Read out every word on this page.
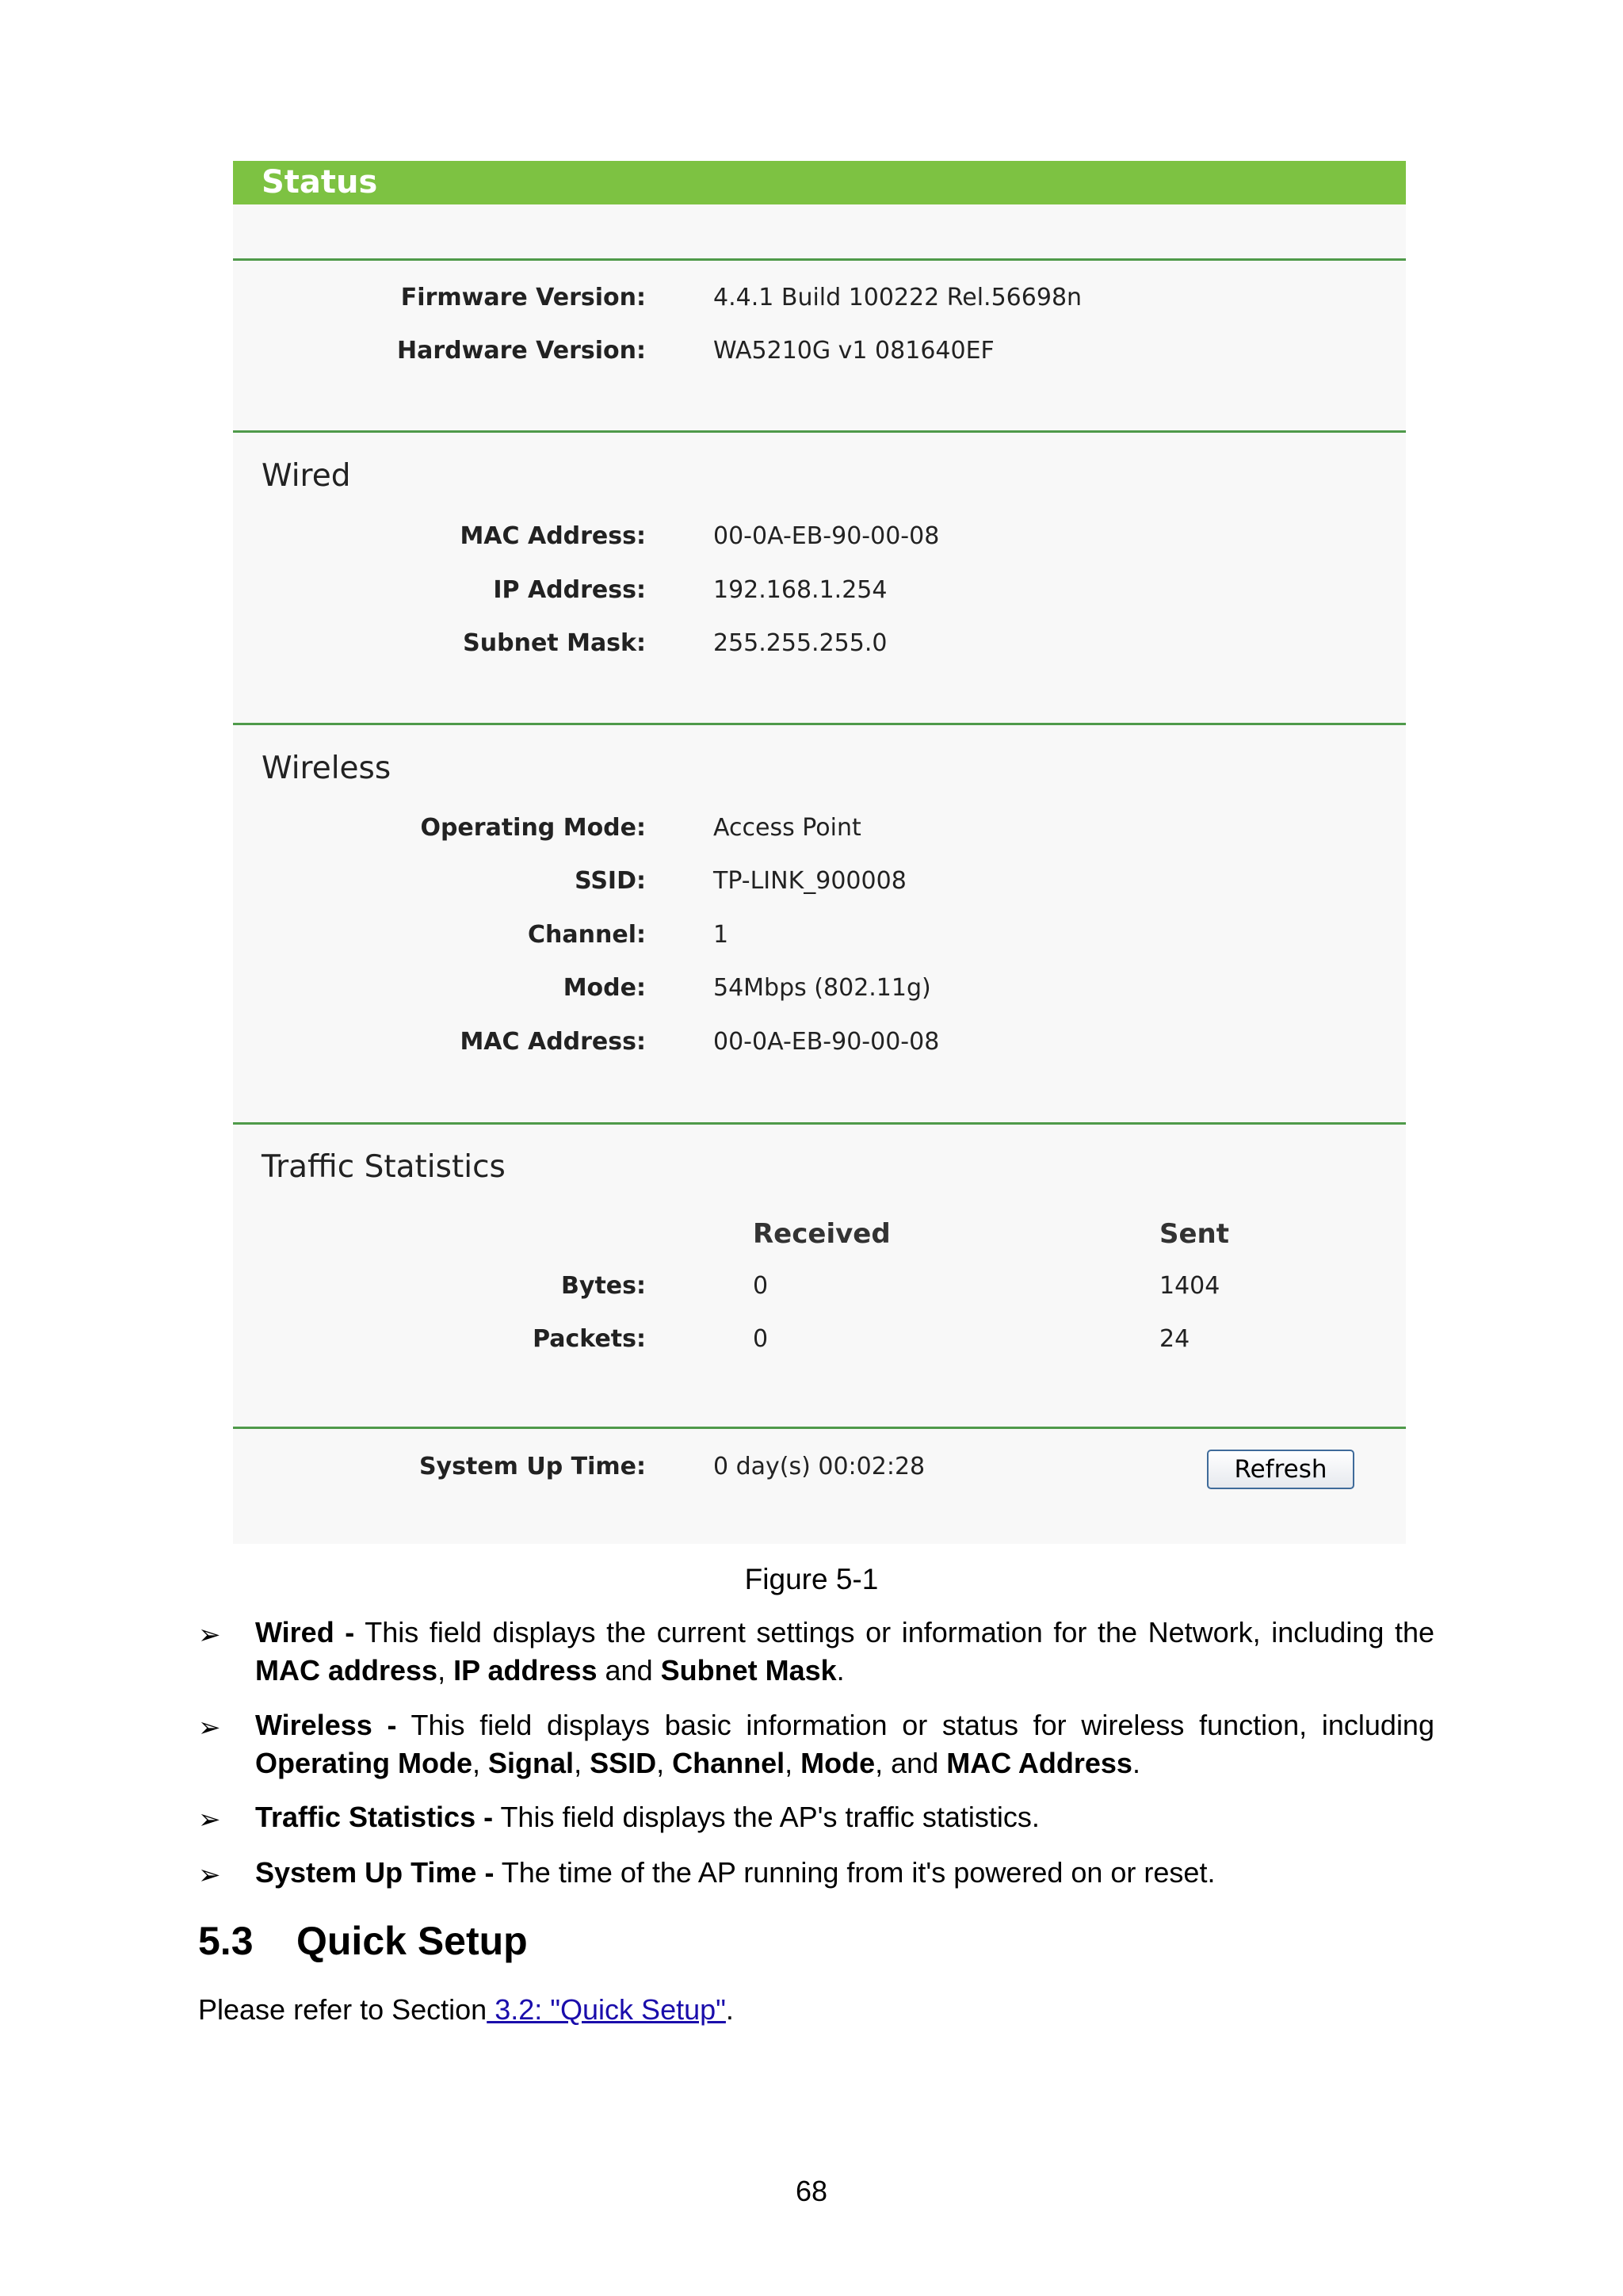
Status
Firmware Version:	4.4.1 Build 100222 Rel.56698n
Hardware Version:	WA5210G v1 081640EF
Wired
MAC Address:	00-0A-EB-90-00-08
IP Address:	192.168.1.254
Subnet Mask:	255.255.255.0
Wireless
Operating Mode:	Access Point
SSID:	TP-LINK_900008
Channel:	1
Mode:	54Mbps (802.11g)
MAC Address:	00-0A-EB-90-00-08
Traffic Statistics
Received	Sent
Bytes:	0	1404
Packets:	0	24
System Up Time:	0 day(s) 00:02:28	Refresh
Figure 5-1
➢ Wired - This field displays the current settings or information for the Network, including the MAC address, IP address and Subnet Mask.
➢ Wireless - This field displays basic information or status for wireless function, including Operating Mode, Signal, SSID, Channel, Mode, and MAC Address.
➢ Traffic Statistics - This field displays the AP's traffic statistics.
➢ System Up Time - The time of the AP running from it's powered on or reset.
5.3 Quick Setup
Please refer to Section 3.2: "Quick Setup".
68
